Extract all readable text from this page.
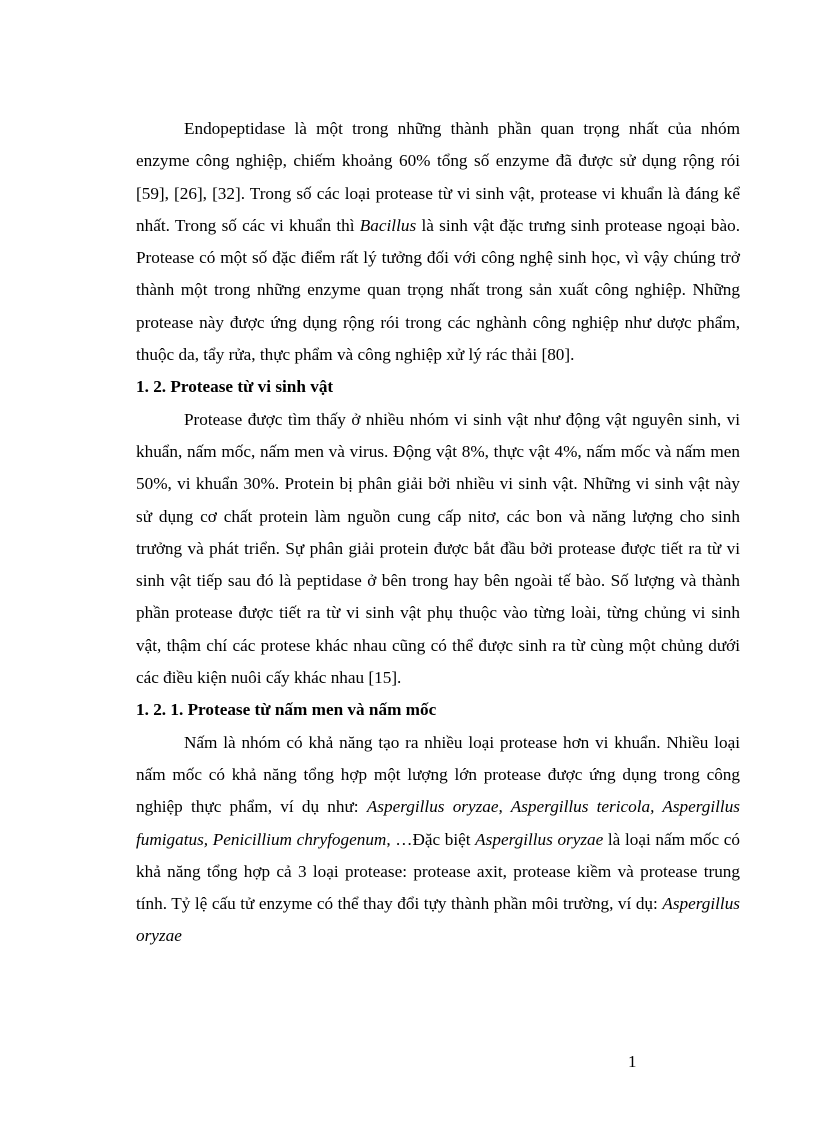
Endopeptidase là một trong những thành phần quan trọng nhất của nhóm enzyme công nghiệp, chiếm khoảng 60% tổng số enzyme đã được sử dụng rộng rói [59], [26], [32]. Trong số các loại protease từ vi sinh vật, protease vi khuẩn là đáng kể nhất. Trong số các vi khuẩn thì Bacillus là sinh vật đặc trưng sinh protease ngoại bào. Protease có một số đặc điểm rất lý tưởng đối với công nghệ sinh học, vì vậy chúng trở thành một trong những enzyme quan trọng nhất trong sản xuất công nghiệp. Những protease này được ứng dụng rộng rói trong các nghành công nghiệp như dược phẩm, thuộc da, tẩy rửa, thực phẩm và công nghiệp xử lý rác thải [80].

1. 2. Protease từ vi sinh vật

Protease được tìm thấy ở nhiều nhóm vi sinh vật như động vật nguyên sinh, vi khuẩn, nấm mốc, nấm men và virus. Động vật 8%, thực vật 4%, nấm mốc và nấm men 50%, vi khuẩn 30%. Protein bị phân giải bởi nhiều vi sinh vật. Những vi sinh vật này sử dụng cơ chất protein làm nguồn cung cấp nitơ, các bon và năng lượng cho sinh trưởng và phát triển. Sự phân giải protein được bắt đầu bởi protease được tiết ra từ vi sinh vật tiếp sau đó là peptidase ở bên trong hay bên ngoài tế bào. Số lượng và thành phần protease được tiết ra từ vi sinh vật phụ thuộc vào từng loài, từng chủng vi sinh vật, thậm chí các protese khác nhau cũng có thể được sinh ra từ cùng một chủng dưới các điều kiện nuôi cấy khác nhau [15].

1. 2. 1. Protease từ nấm men và nấm mốc

Nấm là nhóm có khả năng tạo ra nhiều loại protease hơn vi khuẩn. Nhiều loại nấm mốc có khả năng tổng hợp một lượng lớn protease được ứng dụng trong công nghiệp thực phẩm, ví dụ như: Aspergillus oryzae, Aspergillus tericola, Aspergillus fumigatus, Penicillium chryfogenum, …Đặc biệt Aspergillus oryzae là loại nấm mốc có khả năng tổng hợp cả 3 loại protease: protease axit, protease kiềm và protease trung tính. Tỷ lệ cấu tử enzyme có thể thay đổi tựy thành phần môi trường, ví dụ: Aspergillus oryzae

1
